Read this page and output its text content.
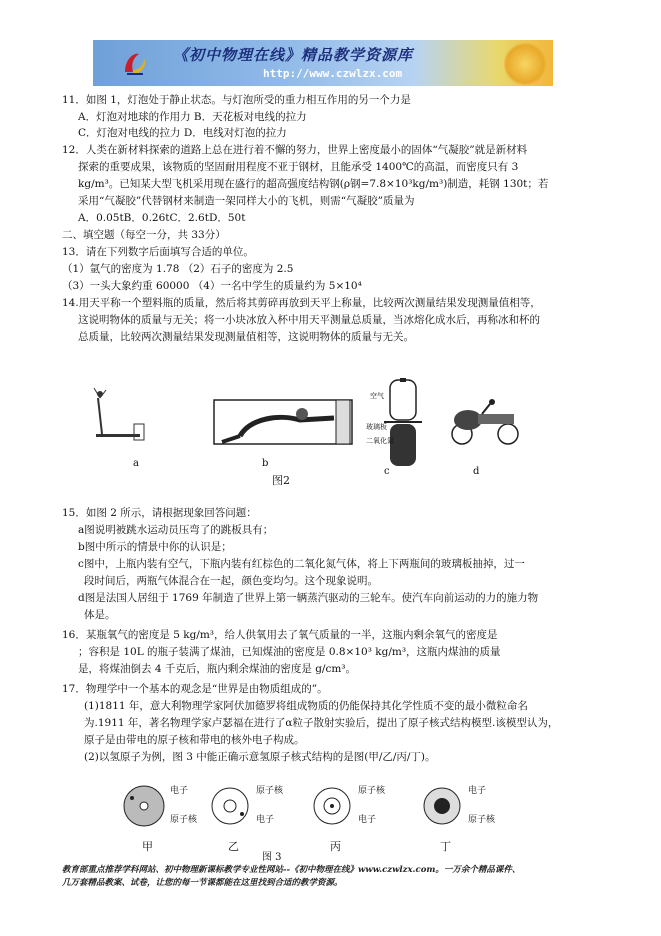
《初中物理在线》精品教学资源库
http://www.czwlzx.com
11．如图 1，灯泡处于静止状态。与灯泡所受的重力相互作用的另一个力是
A．灯泡对地球的作用力 B．天花板对电线的拉力
C．灯泡对电线的拉力 D．电线对灯泡的拉力
12．人类在新材料探索的道路上总在进行着不懈的努力，世界上密度最小的固体“气凝胶”就是新材料
探索的重要成果，该物质的坚固耐用程度不亚于钢材，且能承受 1400℃的高温，而密度只有 3
kg/m³。已知某大型飞机采用现在盛行的超高强度结构钢(ρ钢=7.8×10³kg/m³)制造，耗钢 130t；若
采用“气凝胶”代替钢材来制造一架同样大小的飞机，则需“气凝胶”质量为
A．0.05tB．0.26tC．2.6tD．50t
二、填空题（每空一分，共 33分）
13．请在下列数字后面填写合适的单位。
（1）氩气的密度为 1.78 （2）石子的密度为 2.5
（3）一头大象约重 60000 （4）一名中学生的质量约为 5×10⁴
14.用天平称一个塑料瓶的质量，然后将其剪碎再放到天平上称量，比较两次测量结果发现测量值相等，
这说明物体的质量与无关；将一小块冰放入杯中用天平测量总质量，当冰熔化成水后，再称冰和杯的
总质量，比较两次测量结果发现测量值相等，这说明物体的质量与无关。
空气
玻璃板
二氧化氮
a	b
c	d
图2
15．如图 2 所示，请根据现象回答问题：
a图说明被跳水运动员压弯了的跳板具有；
b图中所示的情景中你的认识是；
c图中，上瓶内装有空气，下瓶内装有红棕色的二氧化氮气体，将上下两瓶间的玻璃板抽掉，过一
段时间后，两瓶气体混合在一起，颜色变均匀。这个现象说明。
d图是法国人居纽于 1769 年制造了世界上第一辆蒸汽驱动的三轮车。使汽车向前运动的力的施力物
体是。
16．某瓶氧气的密度是 5 kg/m³，给人供氧用去了氧气质量的一半，这瓶内剩余氧气的密度是
；容积是 10L 的瓶子装满了煤油，已知煤油的密度是 0.8×10³ kg/m³，这瓶内煤油的质量
是，将煤油倒去 4 千克后，瓶内剩余煤油的密度是 g/cm³。
17．物理学中一个基本的观念是“世界是由物质组成的”。
(1)1811 年，意大利物理学家阿伏加德罗将组成物质的仍能保持其化学性质不变的最小微粒命名
为.1911 年，著名物理学家卢瑟福在进行了α粒子散射实验后，提出了原子核式结构模型.该模型认为，
原子是由带电的原子核和带电的核外电子构成。
(2)以氢原子为例，图 3 中能正确示意氢原子核式结构的是图(甲/乙/丙/丁)。
电子
原子核
原子核
电子
原子核
电子
电子
原子核
甲	乙	丙	丁
图 3
教育部重点推荐学科网站、初中物理新课标教学专业性网站--《初中物理在线》www.czwlzx.com。一万余个精品课件、
几万套精品教案、试卷，让您的每一节课都能在这里找到合适的教学资源。
